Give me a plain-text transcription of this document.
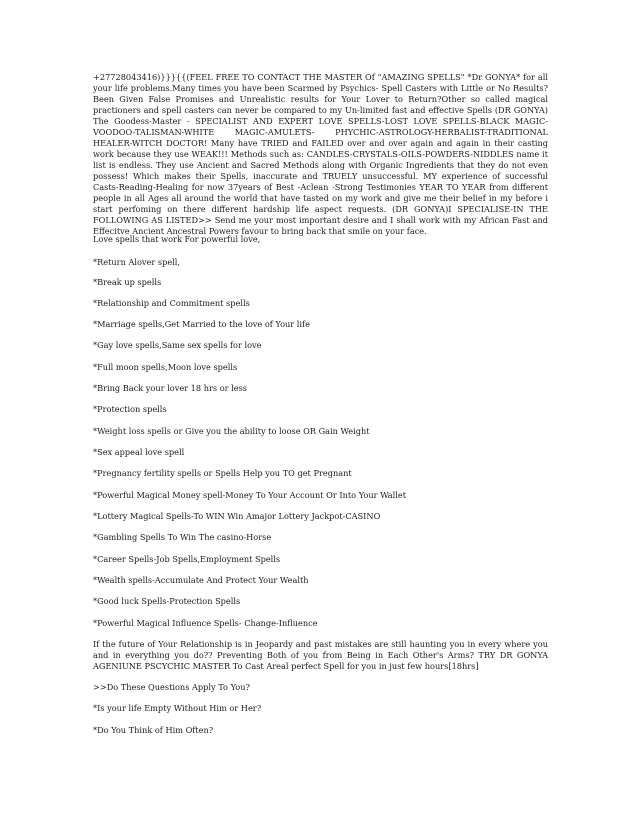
+27728043416)}}}{{(FEEL FREE TO CONTACT THE MASTER Of "AMAZING SPELLS" *Dr GONYA* for all your life problems.Many times you have been Scarmed by Psychics- Spell Casters with Little or No Results? Been Given False Promises and Unrealistic results for Your Lover to Return?Other so called magical practioners and spell casters can never be compared to my Un-limited fast and effective Spells (DR GONYA) The Goodess-Master - SPECIALIST AND EXPERT LOVE SPELLS-LOST LOVE SPELLS-BLACK MAGIC-VOODOO-TALISMAN-WHITE MAGIC-AMULETS- PHYCHIC-ASTROLOGY-HERBALIST-TRADITIONAL HEALER-WITCH DOCTOR! Many have TRIED and FAILED over and over again and again in their casting work because they use WEAK!!! Methods such as: CANDLES-CRYSTALS-OILS-POWDERS-NIDDLES name it list is endless. They use Ancient and Sacred Methods along with Organic Ingredients that they do not even possess! Which makes their Spells, inaccurate and TRUELY unsuccessful. MY experience of successful Casts-Reading-Healing for now 37years of Best -Aclean -Strong Testimonies YEAR TO YEAR from different people in all Ages all around the world that have tasted on my work and give me their belief in my before i start perfoming on there different hardship life aspect requests. (DR GONYA)I SPECIALISE-IN THE FOLLOWING AS LISTED>> Send me your most important desire and I shall work with my African Fast and Effecitve Ancient Ancestral Powers favour to bring back that smile on your face.

Love spells that work For powerful love,

*Return Alover spell,

*Break up spells

*Relationship and Commitment spells

*Marriage spells,Get Married to the love of Your life

*Gay love spells,Same sex spells for love

*Full moon spells,Moon love spells

*Bring Back your lover 18 hrs or less

*Protection spells

*Weight loss spells or Give you the ability to loose OR Gain Weight

*Sex appeal love spell

*Pregnancy fertility spells or Spells Help you TO get Pregnant

*Powerful Magical Money spell-Money To Your Account Or Into Your Wallet

*Lottery Magical Spells-To WIN Win Amajor Lottery Jackpot-CASINO

*Gambling Spells To Win The casino-Horse

*Career Spells-Job Spells,Employment Spells

*Wealth spells-Accumulate And Protect Your Wealth

*Good luck Spells-Protection Spells

*Powerful Magical Influence Spells- Change-Influence

If the future of Your Relationship is in Jeopardy and past mistakes are still haunting you in every where you and in everything you do?? Preventing Both of you from Being in Each Other's Arms? TRY DR GONYA AGENIUNE PSCYCHIC MASTER To Cast Areal perfect Spell for you in just few hours[18hrs]

>>Do These Questions Apply To You?

*Is your life Empty Without Him or Her?

*Do You Think of Him Often?
